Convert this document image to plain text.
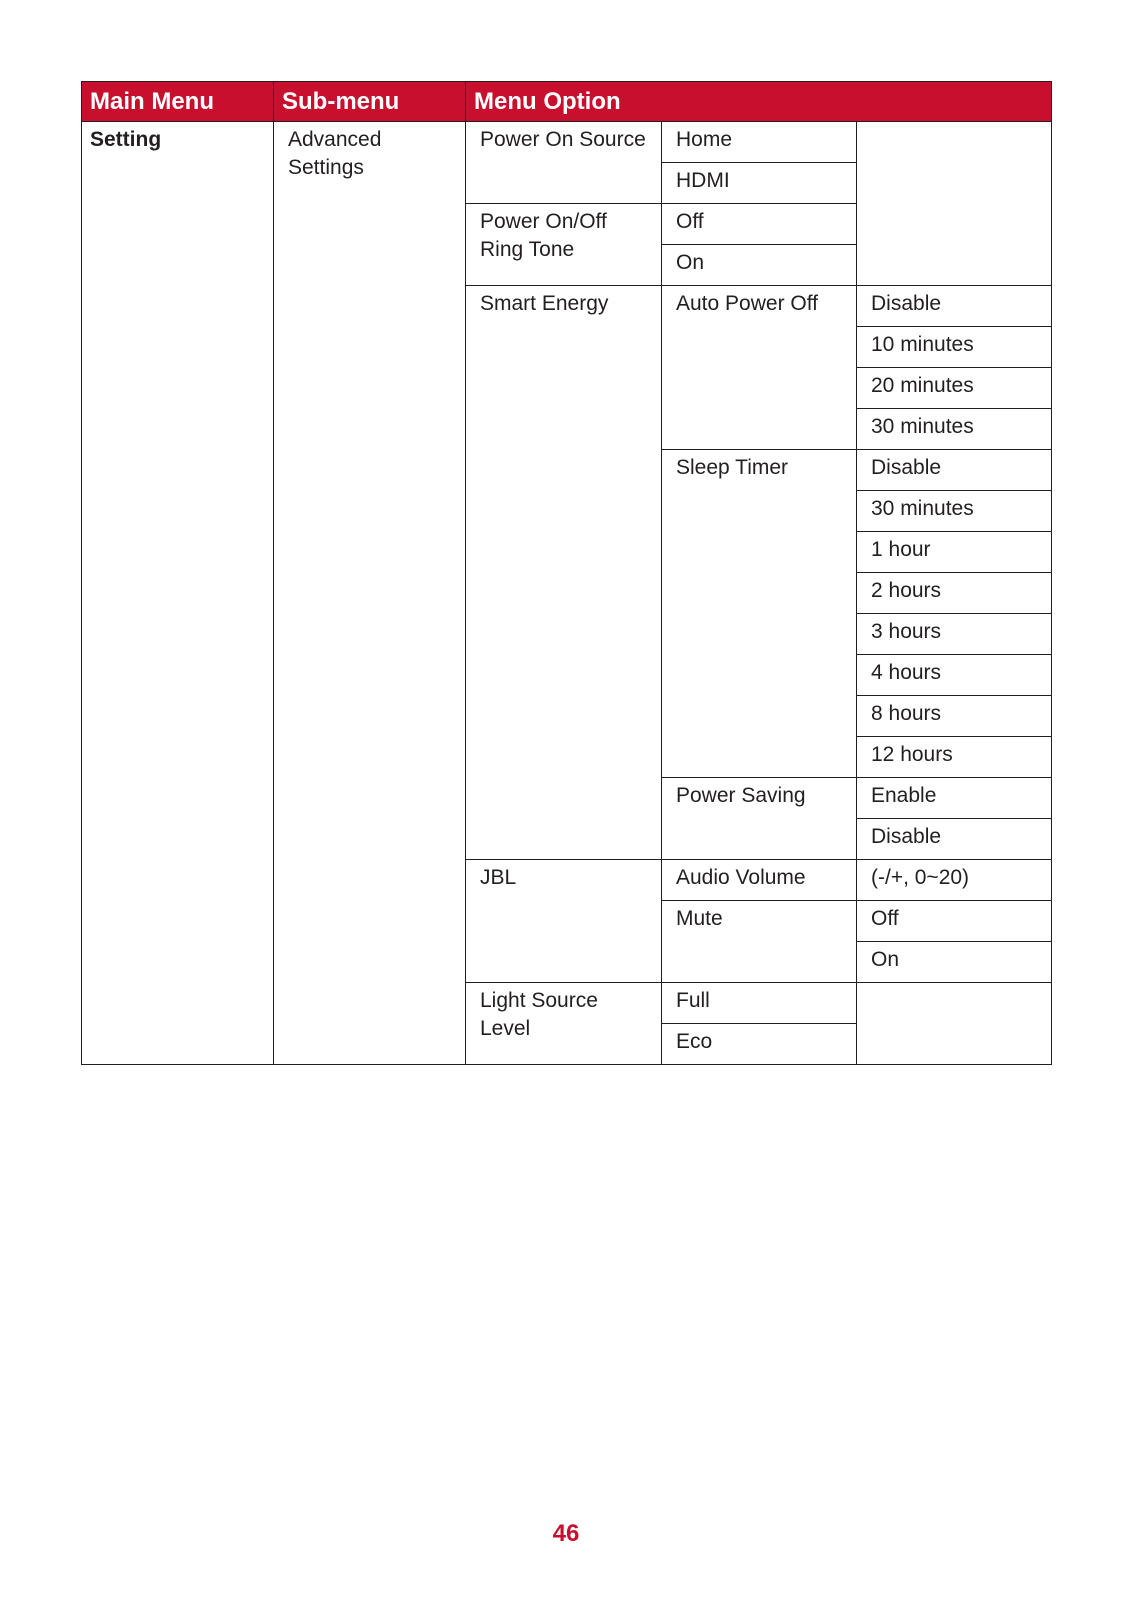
Main Menu	Sub-menu	Menu Option		
Setting	Advanced Settings	Power On Source	Home	
			HDMI	
		Power On/Off Ring Tone	Off	
			On	
		Smart Energy	Auto Power Off	Disable
				10 minutes
				20 minutes
				30 minutes
			Sleep Timer	Disable
				30 minutes
				1 hour
				2 hours
				3 hours
				4 hours
				8 hours
				12 hours
			Power Saving	Enable
				Disable
		JBL	Audio Volume	(-/+, 0~20)
			Mute	Off
				On
		Light Source Level	Full	
			Eco	
46
